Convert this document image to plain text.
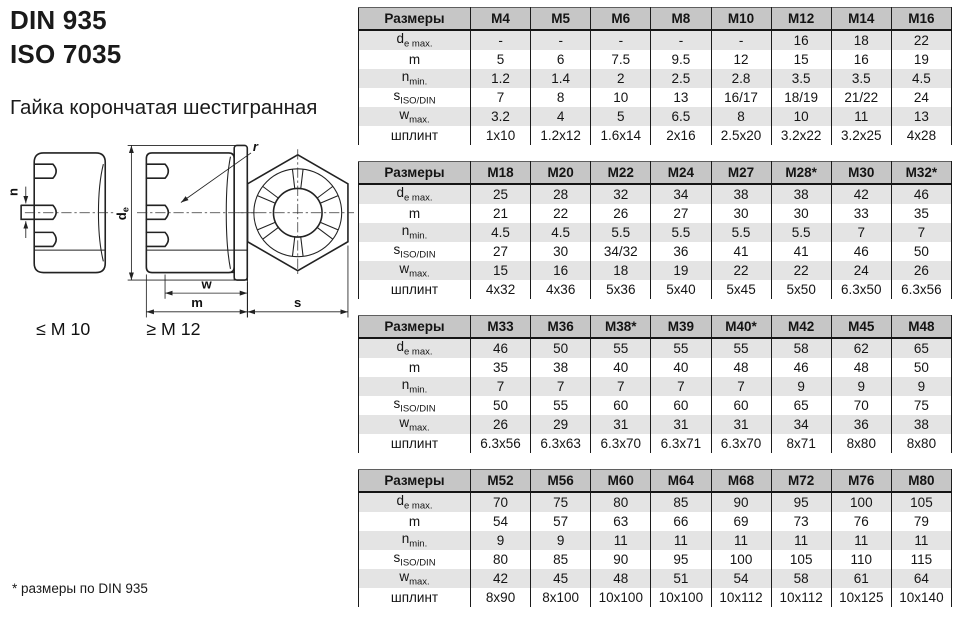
DIN 935
ISO 7035
Гайка корончатая шестигранная
n
$d_e$
r
w
m	s
≤ M 10	≥ M 12
* размеры по DIN 935
Размеры	M4	M5	M6	M8	M10	M12	M14	M16
$d_{e max.}$	-	-	-	-	-	16	18	22
m	5	6	7.5	9.5	12	15	16	19
$n_{min.}$	1.2	1.4	2	2.5	2.8	3.5	3.5	4.5
$s_{ISO/DIN}$	7	8	10	13	16/17	18/19	21/22	24
$w_{max.}$	3.2	4	5	6.5	8	10	11	13
шплинт	1x10	1.2x12	1.6x14	2x16	2.5x20	3.2x22	3.2x25	4x28
Размеры	M18	M20	M22	M24	M27	M28*	M30	M32*
$d_{e max.}$	25	28	32	34	38	38	42	46
m	21	22	26	27	30	30	33	35
$n_{min.}$	4.5	4.5	5.5	5.5	5.5	5.5	7	7
$s_{ISO/DIN}$	27	30	34/32	36	41	41	46	50
$w_{max.}$	15	16	18	19	22	22	24	26
шплинт	4x32	4x36	5x36	5x40	5x45	5x50	6.3x50	6.3x56
Размеры	M33	M36	M38*	M39	M40*	M42	M45	M48
$d_{e max.}$	46	50	55	55	55	58	62	65
m	35	38	40	40	48	46	48	50
$n_{min.}$	7	7	7	7	7	9	9	9
$s_{ISO/DIN}$	50	55	60	60	60	65	70	75
$w_{max.}$	26	29	31	31	31	34	36	38
шплинт	6.3x56	6.3x63	6.3x70	6.3x71	6.3x70	8x71	8x80	8x80
Размеры	M52	M56	M60	M64	M68	M72	M76	M80
$d_{e max.}$	70	75	80	85	90	95	100	105
m	54	57	63	66	69	73	76	79
$n_{min.}$	9	9	11	11	11	11	11	11
$s_{ISO/DIN}$	80	85	90	95	100	105	110	115
$w_{max.}$	42	45	48	51	54	58	61	64
шплинт	8x90	8x100	10x100	10x100	10x112	10x112	10x125	10x140
